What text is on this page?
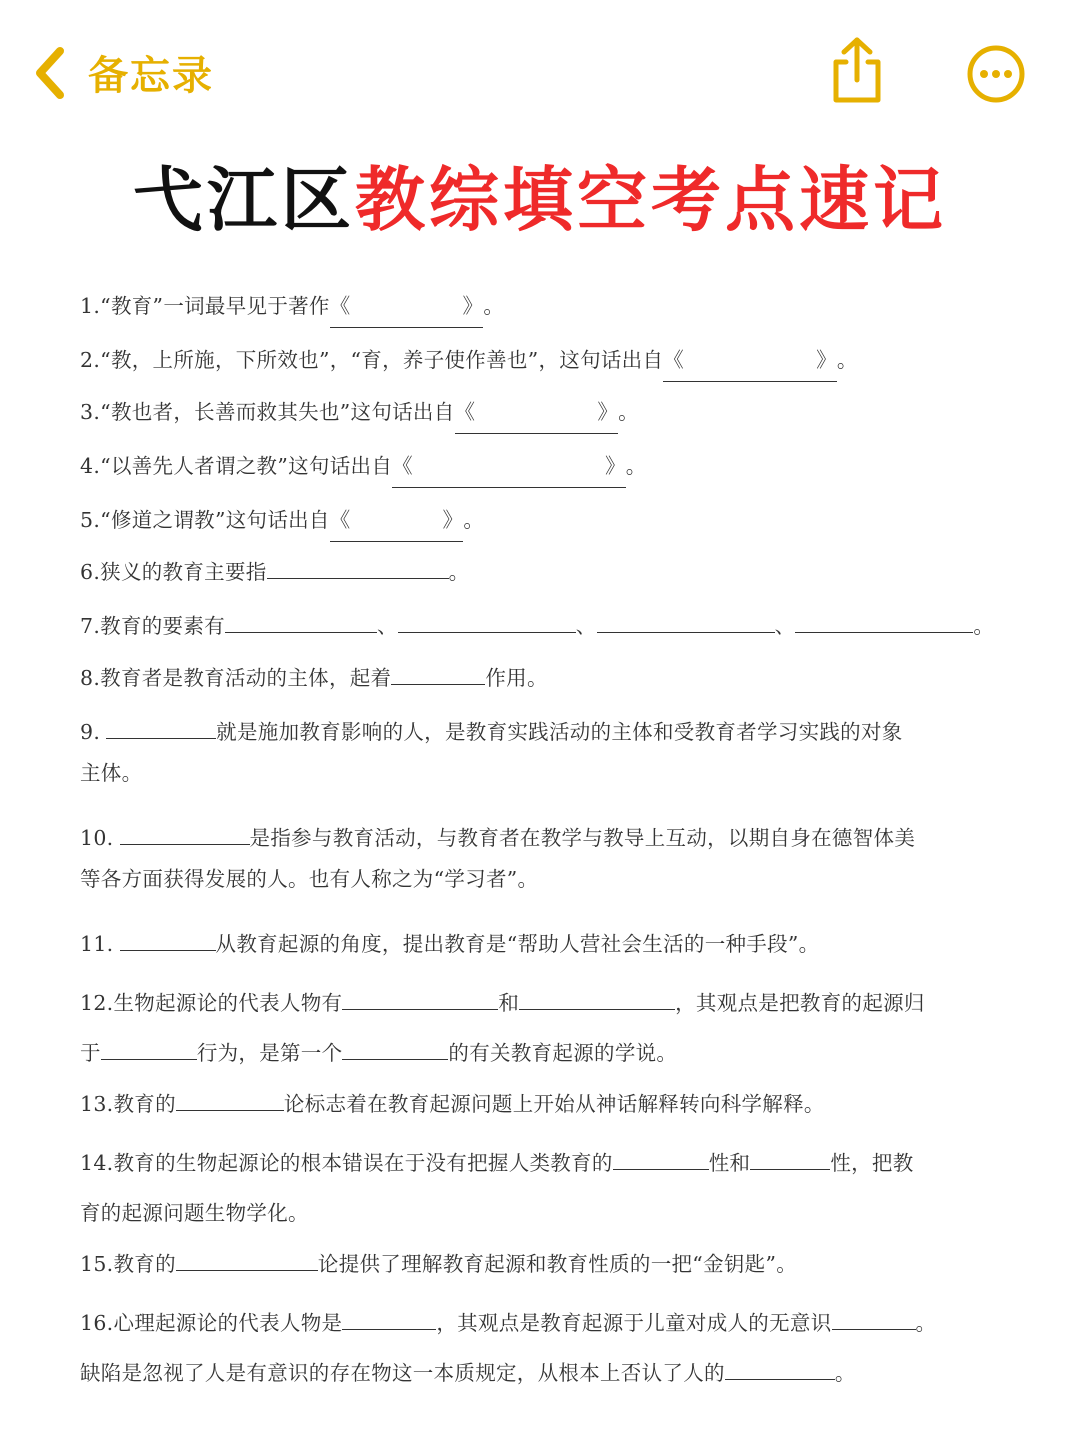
备忘录
弋江区教综填空考点速记
1.“教育”一词最早见于著作《	》。
2.“教，上所施，下所效也”，“育，养子使作善也”，这句话出自《	》。
3.“教也者，长善而救其失也”这句话出自《	》。
4.“以善先人者谓之教”这句话出自《	》。
5.“修道之谓教”这句话出自《	》。
6.狭义的教育主要指	。
7.教育的要素有	、	、	、	。
8.教育者是教育活动的主体，起着	作用。
9.	就是施加教育影响的人，是教育实践活动的主体和受教育者学习实践的对象
主体。
10.	是指参与教育活动，与教育者在教学与教导上互动，以期自身在德智体美
等各方面获得发展的人。也有人称之为“学习者”。
11.	从教育起源的角度，提出教育是“帮助人营社会生活的一种手段”。
12.生物起源论的代表人物有	和	，其观点是把教育的起源归
于	行为，是第一个	的有关教育起源的学说。
13.教育的	论标志着在教育起源问题上开始从神话解释转向科学解释。
14.教育的生物起源论的根本错误在于没有把握人类教育的	性和	性，把教
育的起源问题生物学化。
15.教育的	论提供了理解教育起源和教育性质的一把“金钥匙”。
16.心理起源论的代表人物是	，其观点是教育起源于儿童对成人的无意识	。
缺陷是忽视了人是有意识的存在物这一本质规定，从根本上否认了人的	。
